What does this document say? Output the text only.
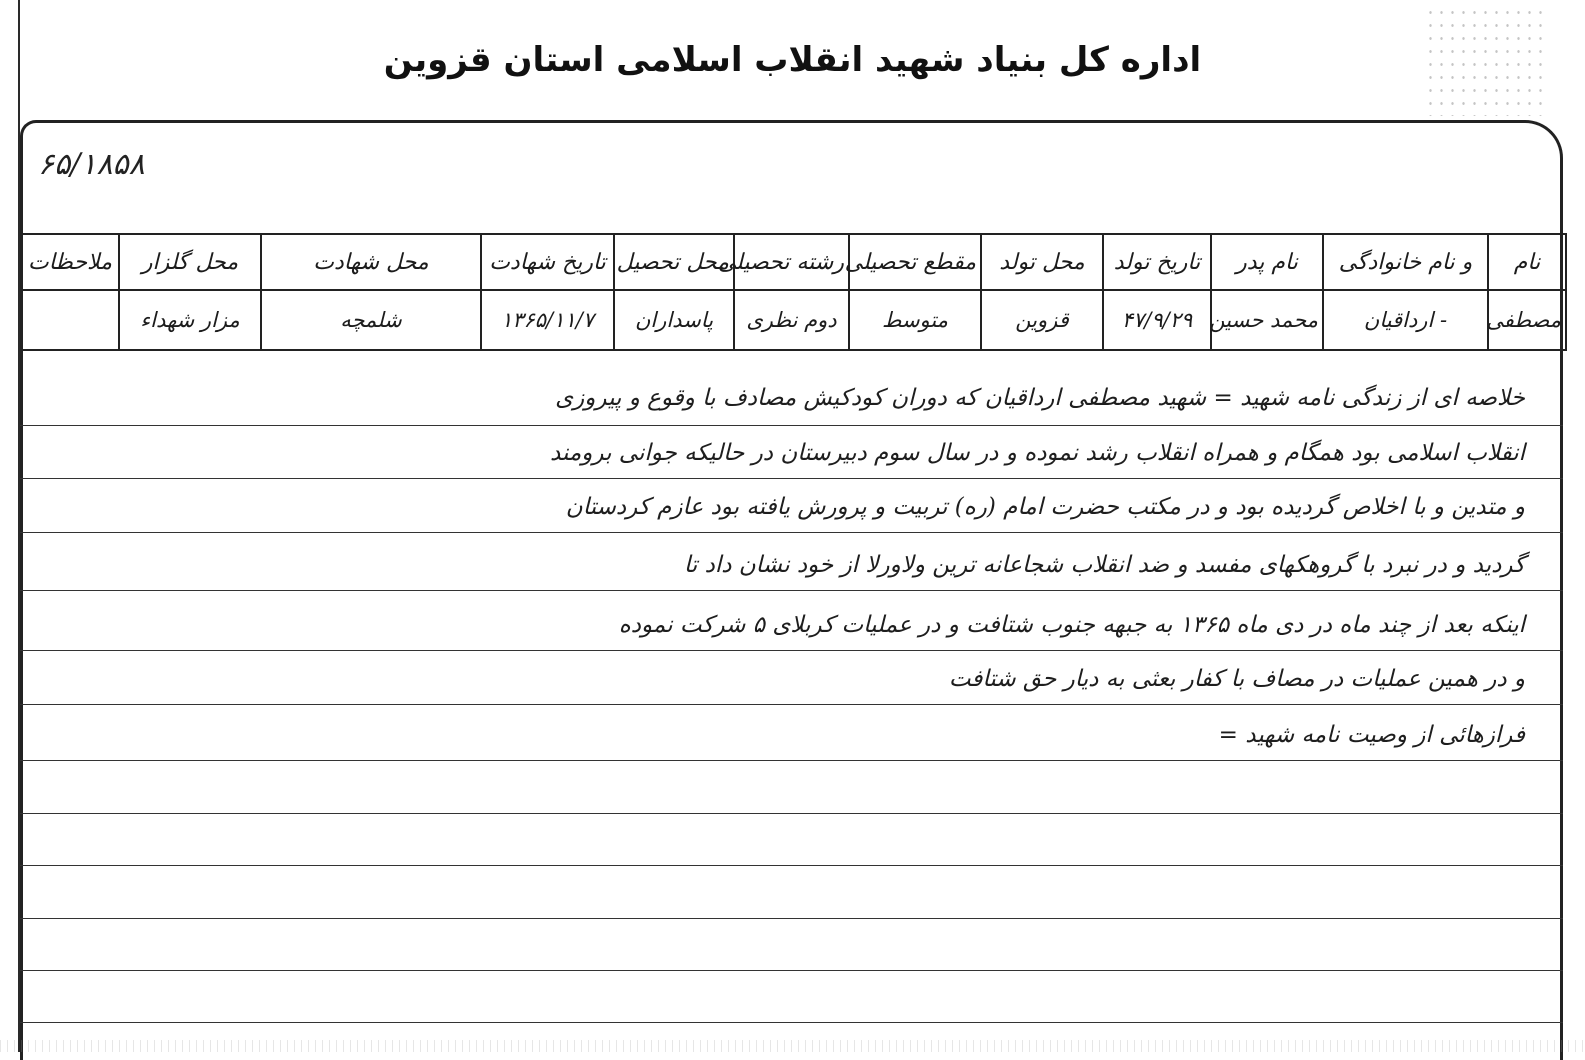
اداره کل بنیاد شهید انقلاب اسلامی استان قزوین
۶۵/۱۸۵۸
نام	و نام خانوادگی	نام پدر	تاریخ تولد	محل تولد	مقطع تحصیلی	رشته تحصیلی	محل تحصیل	تاریخ شهادت	محل شهادت	محل گلزار	ملاحظات
مصطفی	- ارداقیان	محمد حسین	۴۷/۹/۲۹	قزوین	متوسط	دوم نظری	پاسداران	۱۳۶۵/۱۱/۷	شلمچه	مزار شهداء	
خلاصه ای از زندگی نامه شهید = شهید مصطفی ارداقیان که دوران کودکیش مصادف با وقوع و پیروزی
انقلاب اسلامی بود همگام و همراه انقلاب رشد نموده و در سال سوم دبیرستان در حالیکه جوانی برومند
و متدین و با اخلاص گردیده بود و در مکتب حضرت امام (ره) تربیت و پرورش یافته بود عازم کردستان
گردید و در نبرد با گروهکهای مفسد و ضد انقلاب شجاعانه ترین ولاورلا از خود نشان داد تا
اینکه بعد از چند ماه در دی ماه ۱۳۶۵ به جبهه جنوب شتافت و در عملیات کربلای ۵ شرکت نموده
و در همین عملیات در مصاف با کفار بعثی به دیار حق شتافت
فرازهائی از وصیت نامه شهید =
